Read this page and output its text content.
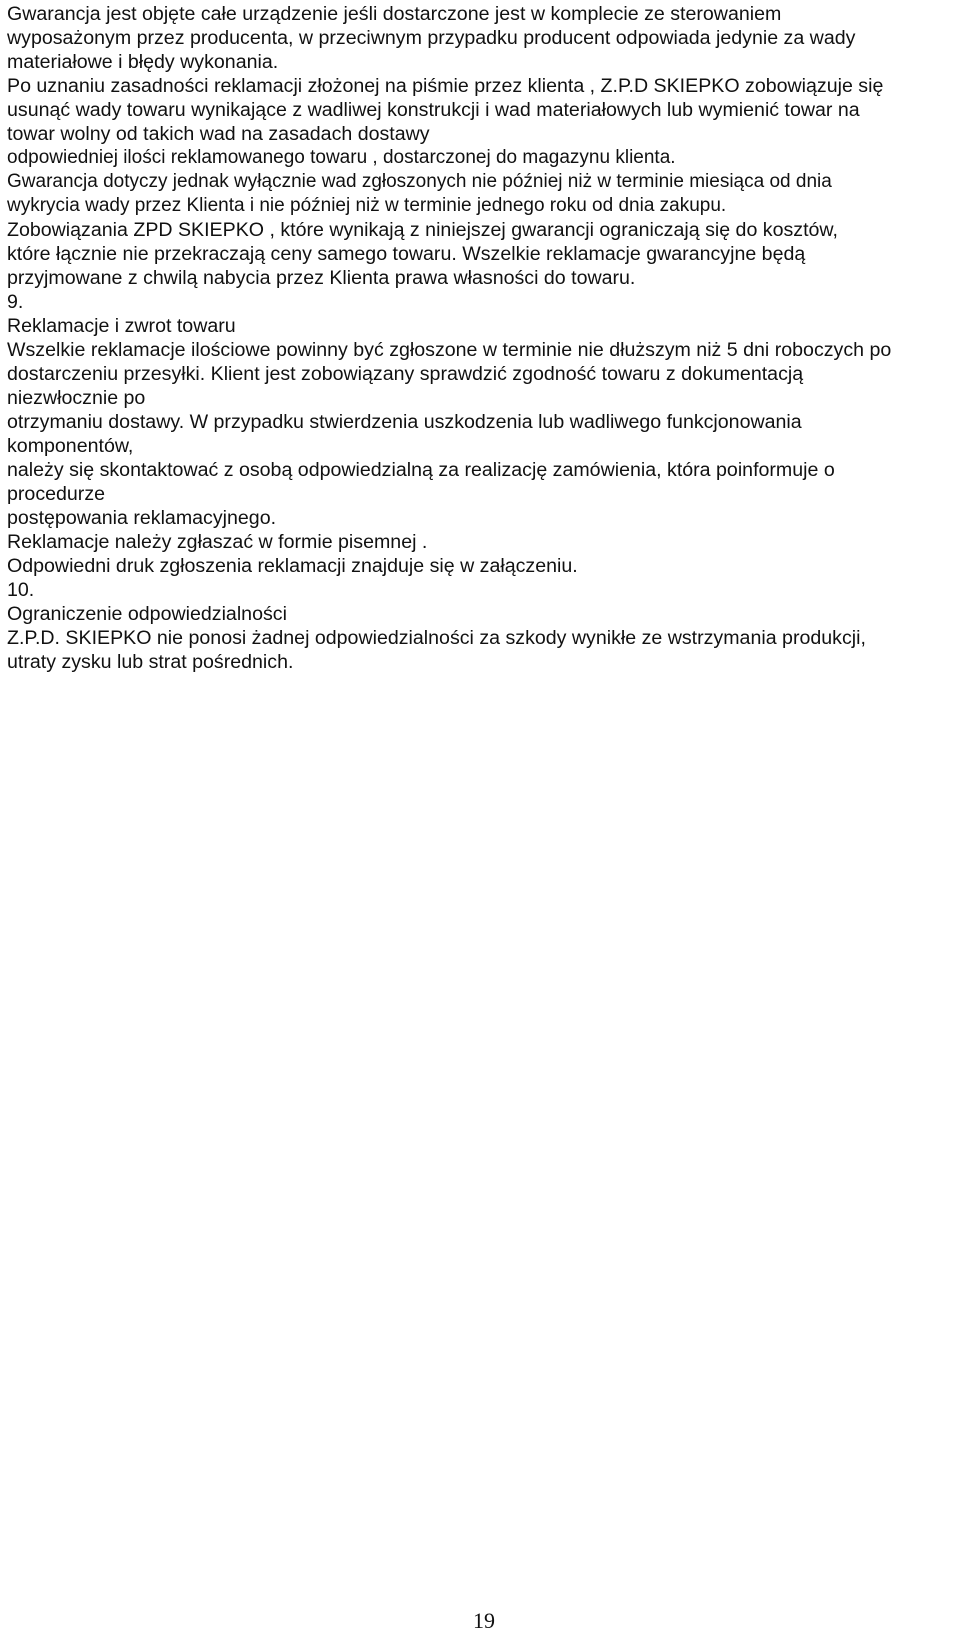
Gwarancja jest objęte całe urządzenie jeśli dostarczone jest w komplecie ze sterowaniem

wyposażonym przez producenta, w przeciwnym przypadku producent odpowiada jedynie za wady

materiałowe i błędy wykonania.

Po uznaniu zasadności reklamacji złożonej na piśmie przez klienta , Z.P.D SKIEPKO zobowiązuje się

usunąć wady towaru wynikające z wadliwej konstrukcji i wad materiałowych lub wymienić towar na

towar wolny od takich wad na zasadach dostawy

odpowiedniej ilości reklamowanego towaru , dostarczonej do magazynu klienta.

Gwarancja dotyczy jednak wyłącznie wad zgłoszonych nie później niż w terminie miesiąca od dnia

wykrycia wady przez Klienta i nie później niż w terminie jednego roku od dnia zakupu.

Zobowiązania ZPD SKIEPKO , które wynikają z niniejszej gwarancji ograniczają się do kosztów,

które łącznie nie przekraczają ceny samego towaru. Wszelkie reklamacje gwarancyjne będą

przyjmowane z chwilą nabycia przez Klienta prawa własności do towaru.

9.

Reklamacje i zwrot towaru

Wszelkie reklamacje ilościowe powinny być zgłoszone w terminie nie dłuższym niż 5 dni roboczych po

dostarczeniu przesyłki. Klient jest zobowiązany sprawdzić zgodność towaru z dokumentacją

niezwłocznie po

otrzymaniu dostawy. W przypadku stwierdzenia uszkodzenia lub wadliwego funkcjonowania

komponentów,

należy się skontaktować z osobą odpowiedzialną za realizację zamówienia, która poinformuje o

procedurze

postępowania reklamacyjnego.

Reklamacje należy zgłaszać w formie pisemnej .

Odpowiedni druk zgłoszenia reklamacji znajduje się w załączeniu.

10.

Ograniczenie odpowiedzialności

Z.P.D. SKIEPKO nie ponosi żadnej odpowiedzialności za szkody wynikłe ze wstrzymania produkcji,

utraty zysku lub strat pośrednich.

19
